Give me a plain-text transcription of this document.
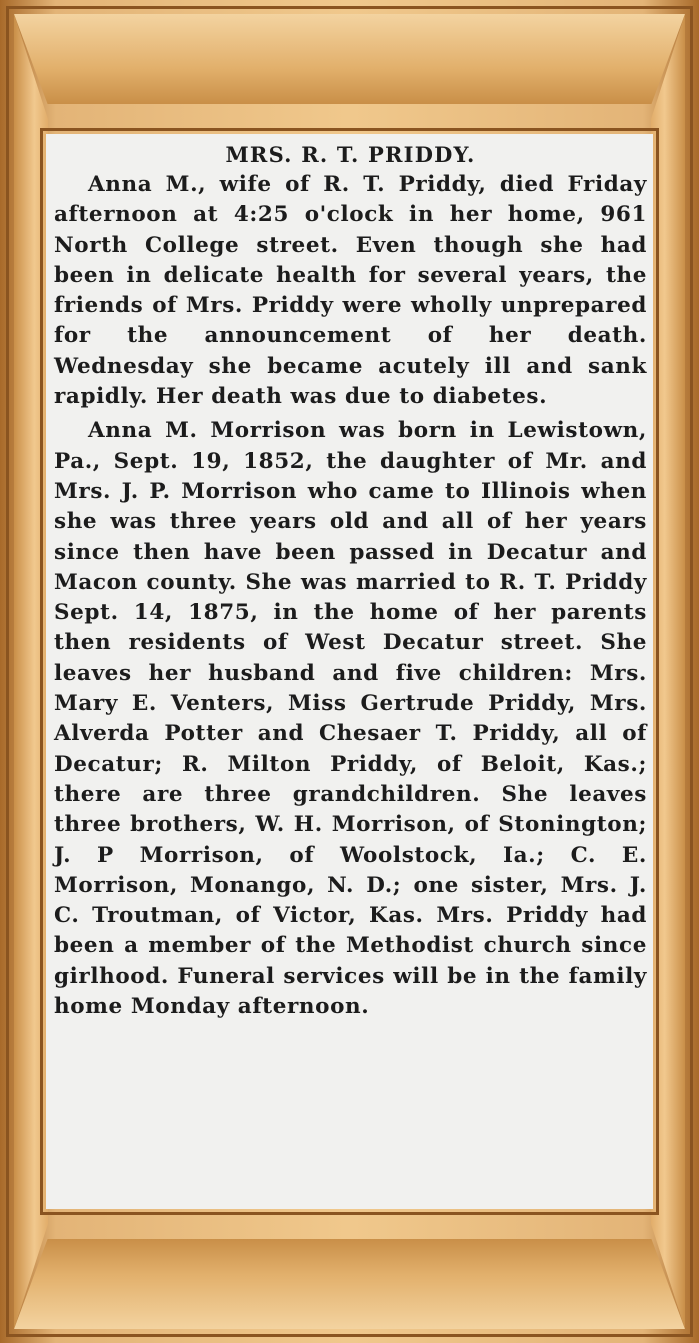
MRS. R. T. PRIDDY.

Anna M., wife of R. T. Priddy, died Friday afternoon at 4:25 o'clock in her home, 961 North College street. Even though she had been in delicate health for several years, the friends of Mrs. Priddy were wholly unprepared for the announcement of her death. Wednesday she became acutely ill and sank rapidly. Her death was due to diabetes.

Anna M. Morrison was born in Lewistown, Pa., Sept. 19, 1852, the daughter of Mr. and Mrs. J. P. Morrison who came to Illinois when she was three years old and all of her years since then have been passed in Decatur and Macon county. She was married to R. T. Priddy Sept. 14, 1875, in the home of her parents then residents of West Decatur street. She leaves her husband and five children: Mrs. Mary E. Venters, Miss Gertrude Priddy, Mrs. Alverda Potter and Chesaer T. Priddy, all of Decatur; R. Milton Priddy, of Beloit, Kas.; there are three grandchildren. She leaves three brothers, W. H. Morrison, of Stonington; J. P Morrison, of Woolstock, Ia.; C. E. Morrison, Monango, N. D.; one sister, Mrs. J. C. Troutman, of Victor, Kas. Mrs. Priddy had been a member of the Methodist church since girlhood. Funeral services will be in the family home Monday afternoon.
